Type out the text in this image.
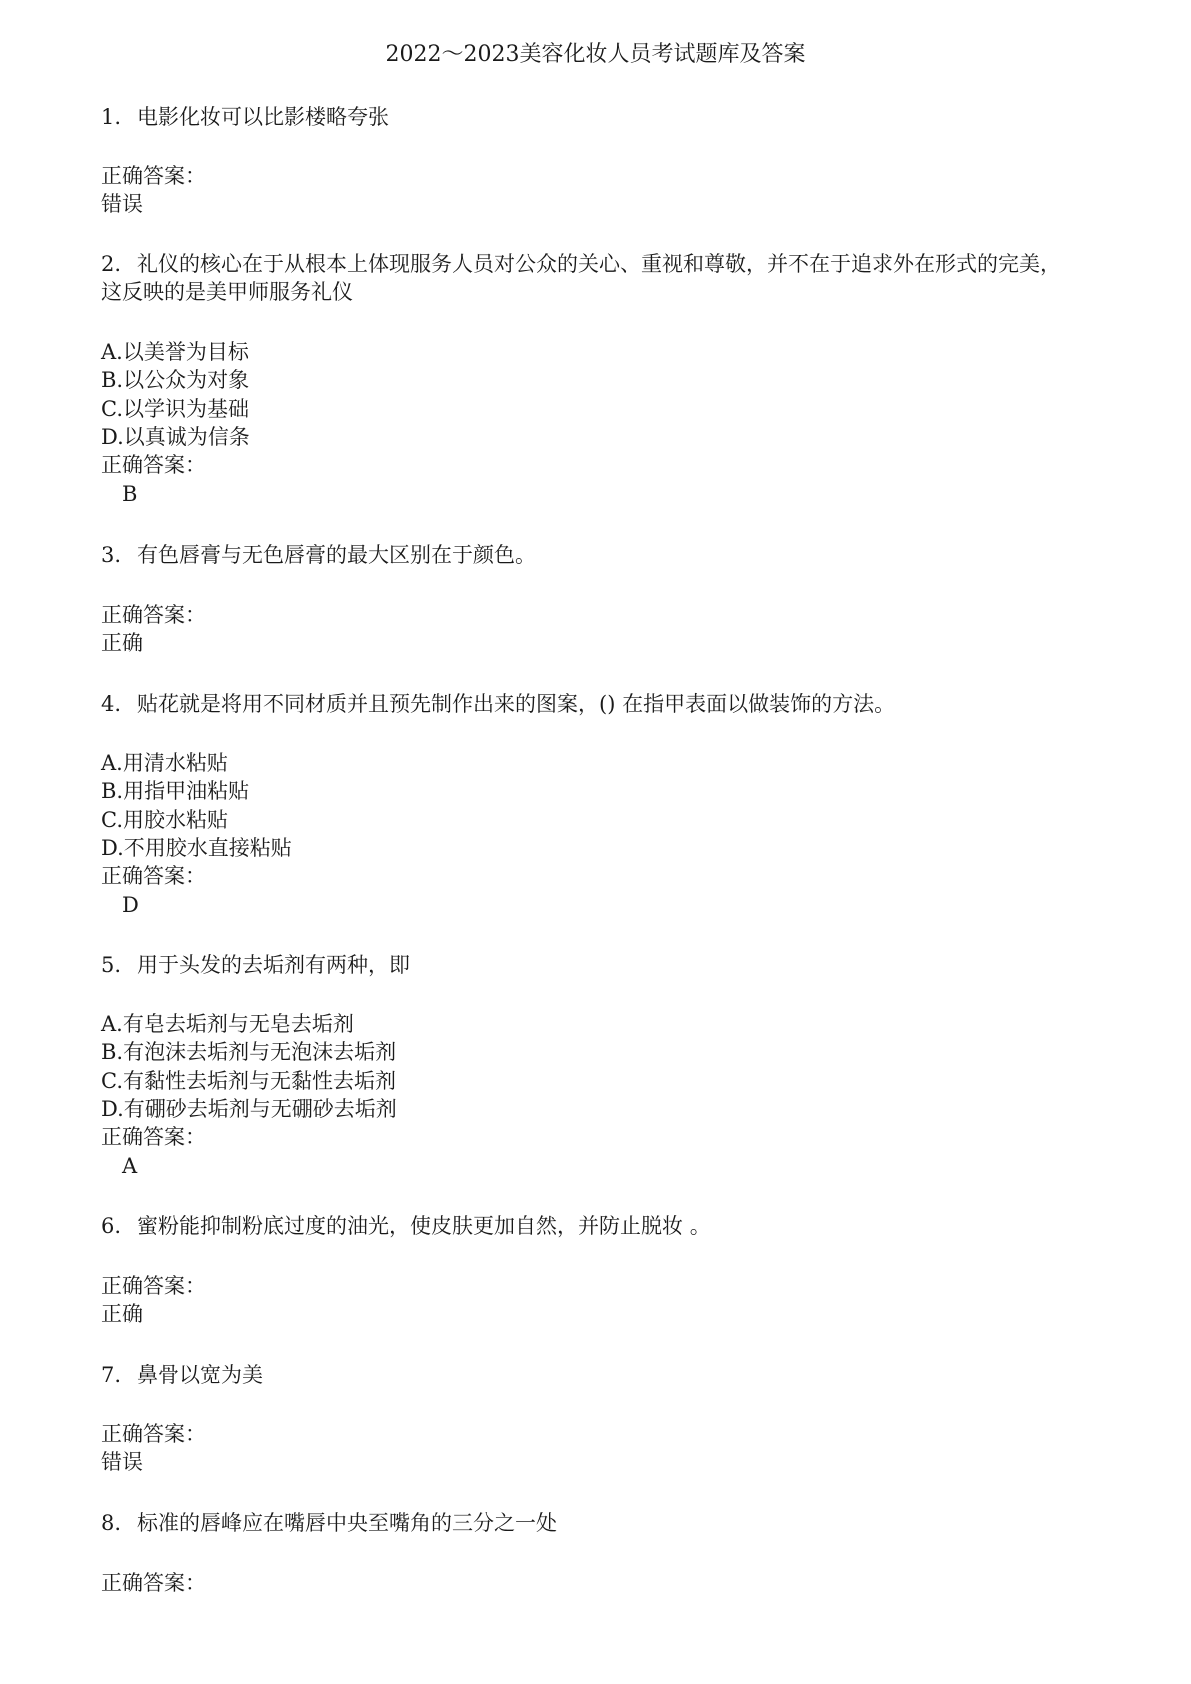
2022～2023美容化妆人员考试题库及答案
1. 电影化妆可以比影楼略夸张
正确答案：
错误
2. 礼仪的核心在于从根本上体现服务人员对公众的关心、重视和尊敬，并不在于追求外在形式的完美，
这反映的是美甲师服务礼仪
A.以美誉为目标
B.以公众为对象
C.以学识为基础
D.以真诚为信条
正确答案：
B
3. 有色唇膏与无色唇膏的最大区别在于颜色。
正确答案：
正确
4. 贴花就是将用不同材质并且预先制作出来的图案，() 在指甲表面以做装饰的方法。
A.用清水粘贴
B.用指甲油粘贴
C.用胶水粘贴
D.不用胶水直接粘贴
正确答案：
D
5. 用于头发的去垢剂有两种，即
A.有皂去垢剂与无皂去垢剂
B.有泡沫去垢剂与无泡沫去垢剂
C.有黏性去垢剂与无黏性去垢剂
D.有硼砂去垢剂与无硼砂去垢剂
正确答案：
A
6. 蜜粉能抑制粉底过度的油光，使皮肤更加自然，并防止脱妆 。
正确答案：
正确
7. 鼻骨以宽为美
正确答案：
错误
8. 标准的唇峰应在嘴唇中央至嘴角的三分之一处
正确答案：
